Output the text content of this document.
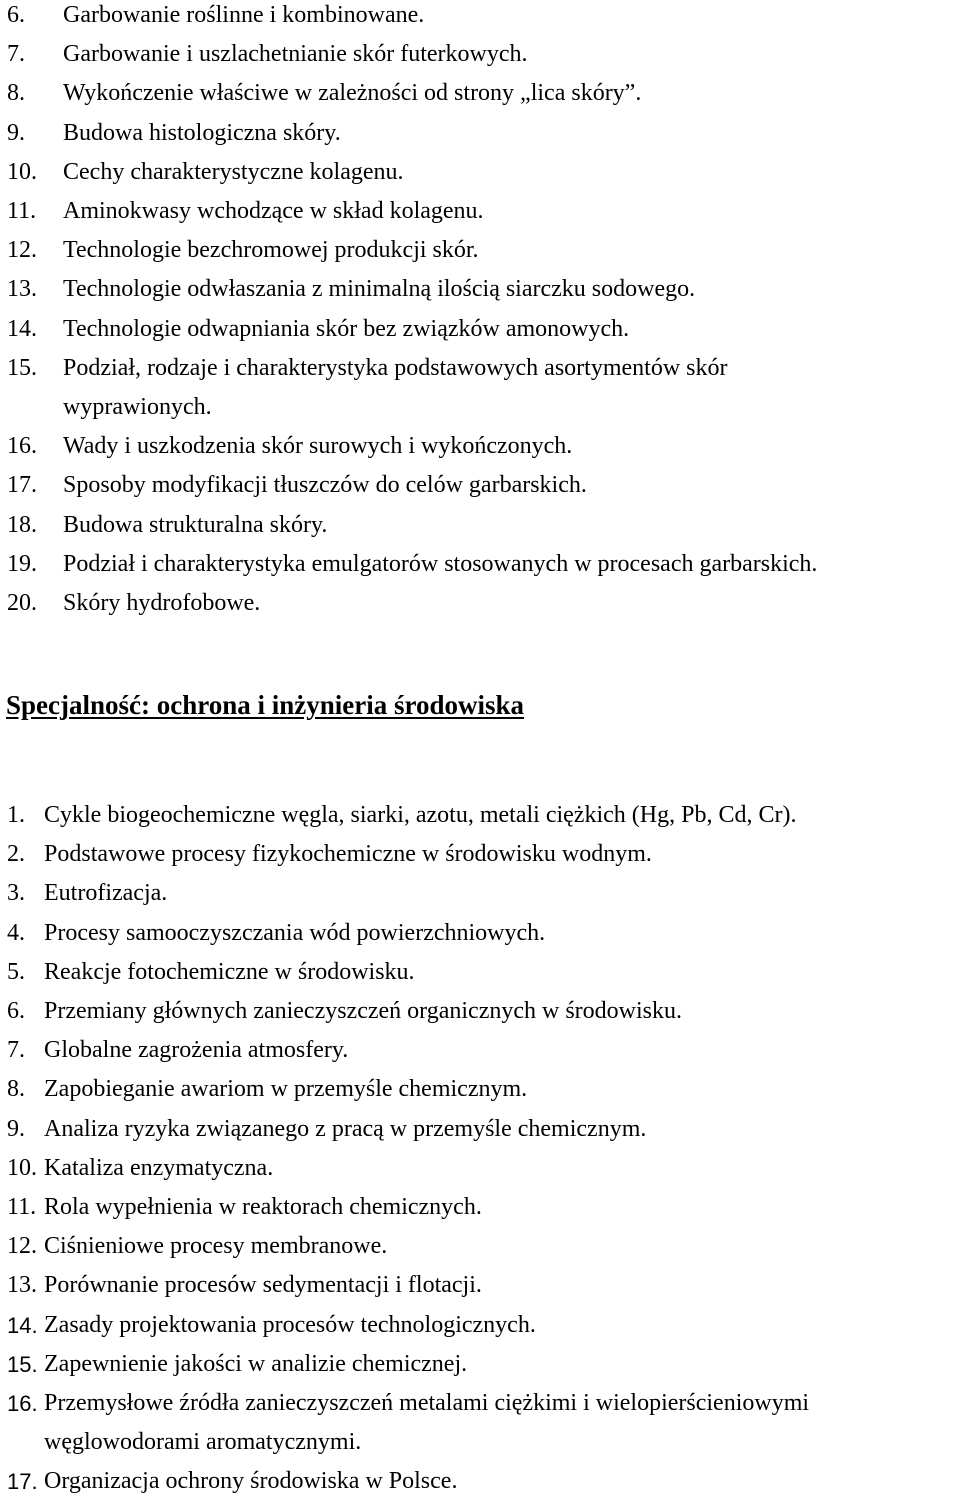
6.	Garbowanie roślinne i kombinowane.
7.	Garbowanie i uszlachetnianie skór futerkowych.
8.	Wykończenie właściwe w zależności od strony „lica skóry”.
9.	Budowa histologiczna skóry.
10.	Cechy charakterystyczne kolagenu.
11.	Aminokwasy wchodzące w skład kolagenu.
12.	Technologie bezchromowej produkcji skór.
13.	Technologie odwłaszania z minimalną ilością siarczku sodowego.
14.	Technologie odwapniania skór bez związków amonowych.
15.	Podział, rodzaje i charakterystyka podstawowych asortymentów skór wyprawionych.
16.	Wady i uszkodzenia skór surowych i wykończonych.
17.	Sposoby modyfikacji tłuszczów do celów garbarskich.
18.	Budowa strukturalna skóry.
19.	Podział i charakterystyka emulgatorów stosowanych w procesach garbarskich.
20.	Skóry hydrofobowe.
Specjalność: ochrona i inżynieria środowiska
1. Cykle biogeochemiczne węgla, siarki, azotu, metali ciężkich (Hg, Pb, Cd, Cr).
2. Podstawowe procesy fizykochemiczne w środowisku wodnym.
3. Eutrofizacja.
4. Procesy samooczyszczania wód powierzchniowych.
5. Reakcje fotochemiczne w środowisku.
6. Przemiany głównych zanieczyszczeń organicznych w środowisku.
7. Globalne zagrożenia atmosfery.
8. Zapobieganie awariom w przemyśle chemicznym.
9. Analiza ryzyka związanego z pracą w przemyśle chemicznym.
10. Kataliza enzymatyczna.
11. Rola wypełnienia w reaktorach chemicznych.
12. Ciśnieniowe procesy membranowe.
13. Porównanie procesów sedymentacji i flotacji.
14. Zasady projektowania procesów technologicznych.
15. Zapewnienie jakości w analizie chemicznej.
16. Przemysłowe źródła zanieczyszczeń metalami ciężkimi i wielopierścieniowymi węglowodorami aromatycznymi.
17. Organizacja ochrony środowiska w Polsce.
